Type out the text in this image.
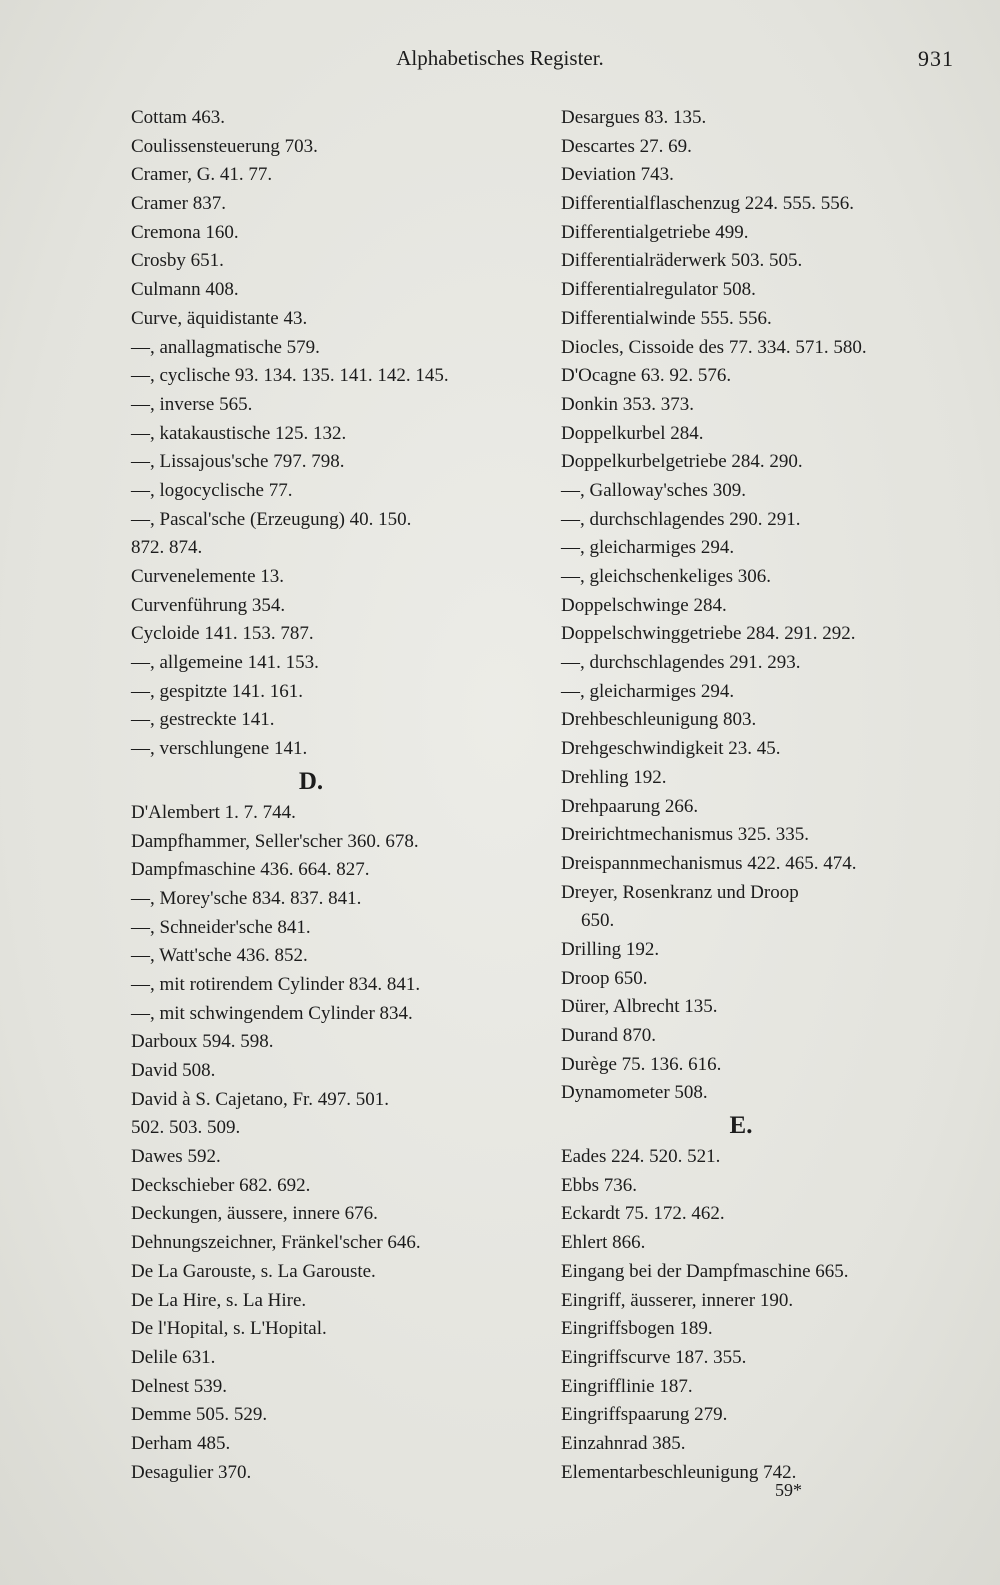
Alphabetisches Register.	931
Cottam 463.
Coulissensteuerung 703.
Cramer, G. 41. 77.
Cramer 837.
Cremona 160.
Crosby 651.
Culmann 408.
Curve, äquidistante 43.
—, anallagmatische 579.
—, cyclische 93. 134. 135. 141. 142. 145.
—, inverse 565.
—, katakaustische 125. 132.
—, Lissajous'sche 797. 798.
—, logocyclische 77.
—, Pascal'sche (Erzeugung) 40. 150.
872. 874.
Curvenelemente 13.
Curvenführung 354.
Cycloide 141. 153. 787.
—, allgemeine 141. 153.
—, gespitzte 141. 161.
—, gestreckte 141.
—, verschlungene 141.
D.
D'Alembert 1. 7. 744.
Dampfhammer, Seller'scher 360. 678.
Dampfmaschine 436. 664. 827.
—, Morey'sche 834. 837. 841.
—, Schneider'sche 841.
—, Watt'sche 436. 852.
—, mit rotirendem Cylinder 834. 841.
—, mit schwingendem Cylinder 834.
Darboux 594. 598.
David 508.
David à S. Cajetano, Fr. 497. 501.
502. 503. 509.
Dawes 592.
Deckschieber 682. 692.
Deckungen, äussere, innere 676.
Dehnungszeichner, Fränkel'scher 646.
De La Garouste, s. La Garouste.
De La Hire, s. La Hire.
De l'Hopital, s. L'Hopital.
Delile 631.
Delnest 539.
Demme 505. 529.
Derham 485.
Desagulier 370.
Desargues 83. 135.
Descartes 27. 69.
Deviation 743.
Differentialflaschenzug 224. 555. 556.
Differentialgetriebe 499.
Differentialräderwerk 503. 505.
Differentialregulator 508.
Differentialwinde 555. 556.
Diocles, Cissoide des 77. 334. 571. 580.
D'Ocagne 63. 92. 576.
Donkin 353. 373.
Doppelkurbel 284.
Doppelkurbelgetriebe 284. 290.
—, Galloway'sches 309.
—, durchschlagendes 290. 291.
—, gleicharmiges 294.
—, gleichschenkeliges 306.
Doppelschwinge 284.
Doppelschwinggetriebe 284. 291. 292.
—, durchschlagendes 291. 293.
—, gleicharmiges 294.
Drehbeschleunigung 803.
Drehgeschwindigkeit 23. 45.
Drehling 192.
Drehpaarung 266.
Dreirichtmechanismus 325. 335.
Dreispannmechanismus 422. 465. 474.
Dreyer, Rosenkranz und Droop
650.
Drilling 192.
Droop 650.
Dürer, Albrecht 135.
Durand 870.
Durège 75. 136. 616.
Dynamometer 508.
E.
Eades 224. 520. 521.
Ebbs 736.
Eckardt 75. 172. 462.
Ehlert 866.
Eingang bei der Dampfmaschine 665.
Eingriff, äusserer, innerer 190.
Eingriffsbogen 189.
Eingriffscurve 187. 355.
Eingrifflinie 187.
Eingriffspaarung 279.
Einzahnrad 385.
Elementarbeschleunigung 742.
59*
